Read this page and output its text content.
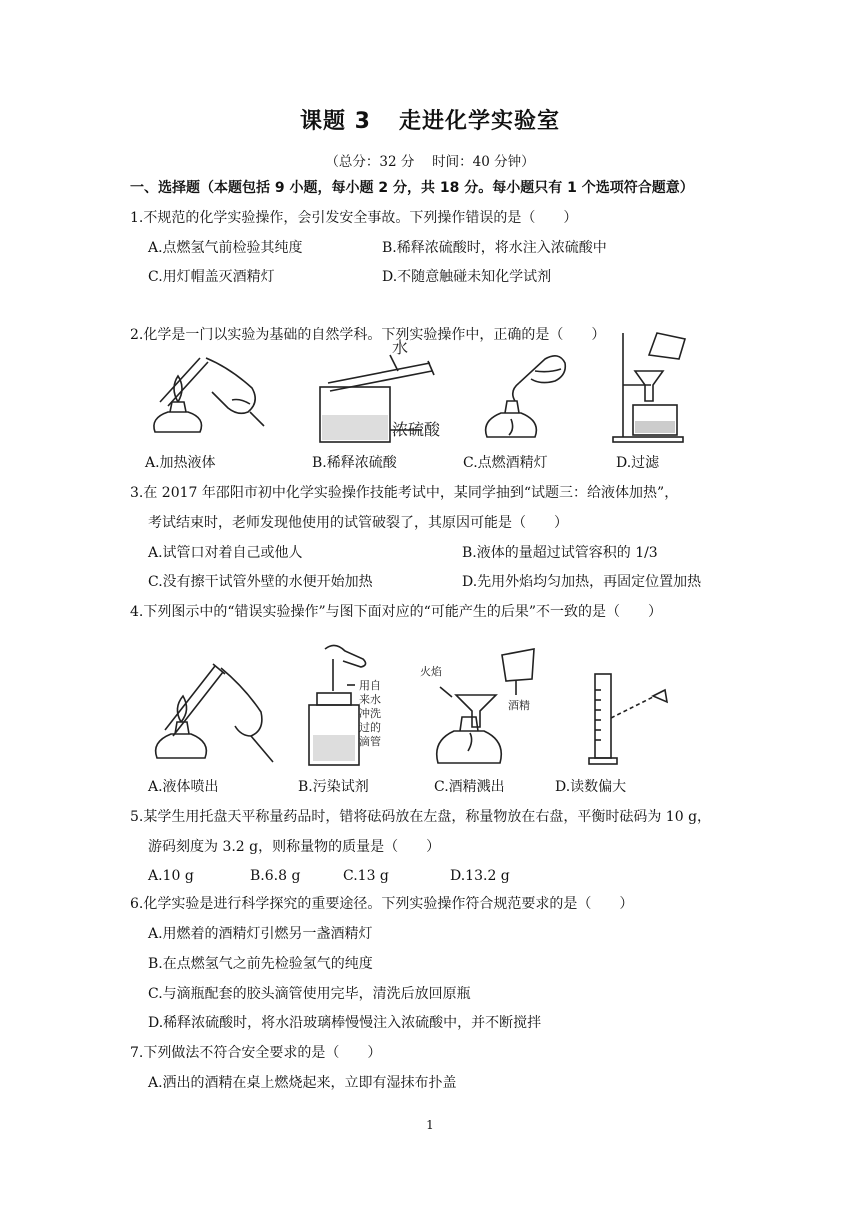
课题 3 走进化学实验室
（总分：32 分　 时间：40 分钟）
一、选择题（本题包括 9 小题，每小题 2 分，共 18 分。每小题只有 1 个选项符合题意）
1.不规范的化学实验操作，会引发安全事故。下列操作错误的是（　　）
A.点燃氢气前检验其纯度	B.稀释浓硫酸时，将水注入浓硫酸中
C.用灯帽盖灭酒精灯	D.不随意触碰未知化学试剂
2.化学是一门以实验为基础的自然学科。下列实验操作中，正确的是（　　）
水
浓硫酸
A.加热液体	B.稀释浓硫酸	C.点燃酒精灯	D.过滤
3.在 2017 年邵阳市初中化学实验操作技能考试中，某同学抽到“试题三：给液体加热”，
考试结束时，老师发现他使用的试管破裂了，其原因可能是（　　）
A.试管口对着自己或他人	B.液体的量超过试管容积的 1/3
C.没有擦干试管外壁的水便开始加热	D.先用外焰均匀加热，再固定位置加热
4.下列图示中的“错误实验操作”与图下面对应的“可能产生的后果”不一致的是（　　）
用自
来水
冲洗
过的
滴管
火焰
酒精
A.液体喷出	B.污染试剂	C.酒精溅出	D.读数偏大
5.某学生用托盘天平称量药品时，错将砝码放在左盘，称量物放在右盘，平衡时砝码为 10 g，
游码刻度为 3.2 g，则称量物的质量是（　　）
A.10 g	B.6.8 g	C.13 g	D.13.2 g
6.化学实验是进行科学探究的重要途径。下列实验操作符合规范要求的是（　　）
A.用燃着的酒精灯引燃另一盏酒精灯
B.在点燃氢气之前先检验氢气的纯度
C.与滴瓶配套的胶头滴管使用完毕，清洗后放回原瓶
D.稀释浓硫酸时，将水沿玻璃棒慢慢注入浓硫酸中，并不断搅拌
7.下列做法不符合安全要求的是（　　）
A.洒出的酒精在桌上燃烧起来，立即有湿抹布扑盖
1
